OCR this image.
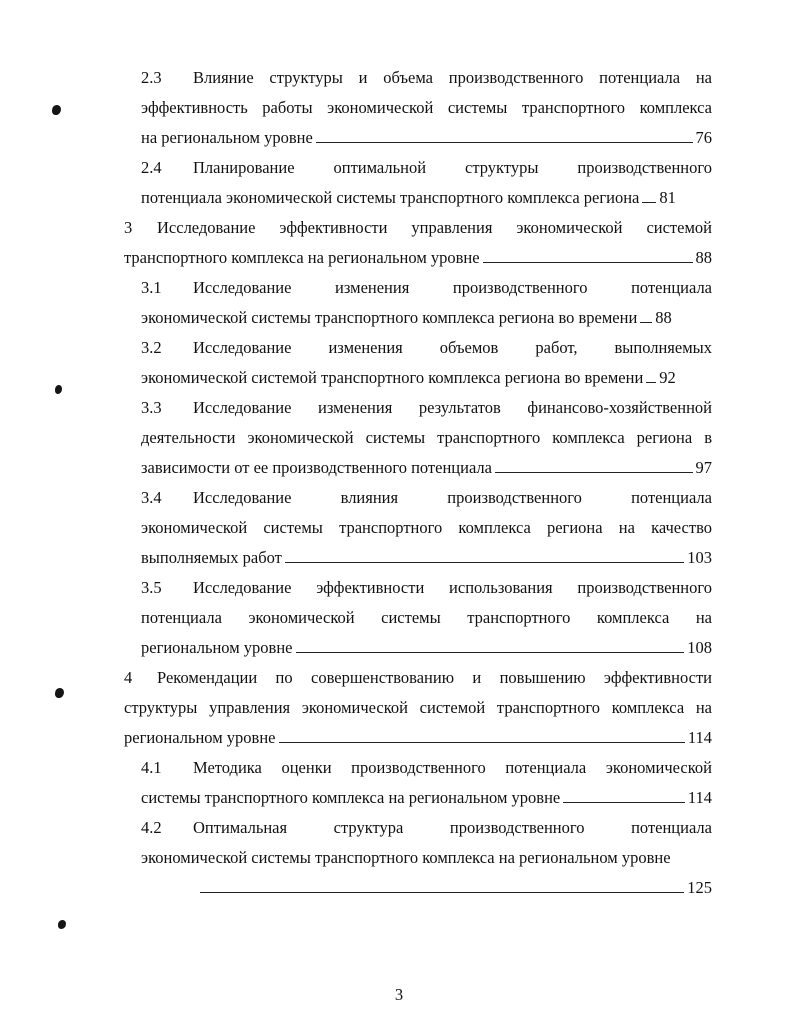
2.3	Влияние структуры и объема производственного потенциала на
эффективность работы экономической системы транспортного комплекса
на региональном уровне	76
2.4	Планирование оптимальной структуры производственного
потенциала экономической системы транспортного комплекса региона 81
3	Исследование эффективности управления экономической системой
транспортного комплекса на региональном уровне	88
3.1	Исследование изменения производственного потенциала
экономической системы транспортного комплекса региона во времени 88
3.2	Исследование изменения объемов работ, выполняемых
экономической системой транспортного комплекса региона во времени 92
3.3	Исследование изменения результатов финансово-хозяйственной
деятельности экономической системы транспортного комплекса региона в
зависимости от ее производственного потенциала	97
3.4	Исследование влияния производственного потенциала
экономической системы транспортного комплекса региона на качество
выполняемых работ	103
3.5	Исследование эффективности использования производственного
потенциала экономической системы транспортного комплекса на
региональном уровне	108
4	Рекомендации по совершенствованию и повышению эффективности
структуры управления экономической системой транспортного комплекса на
региональном уровне	114
4.1	Методика оценки производственного потенциала экономической
системы транспортного комплекса на региональном уровне	114
4.2	Оптимальная структура производственного потенциала
экономической системы транспортного комплекса на региональном уровне
125
3
